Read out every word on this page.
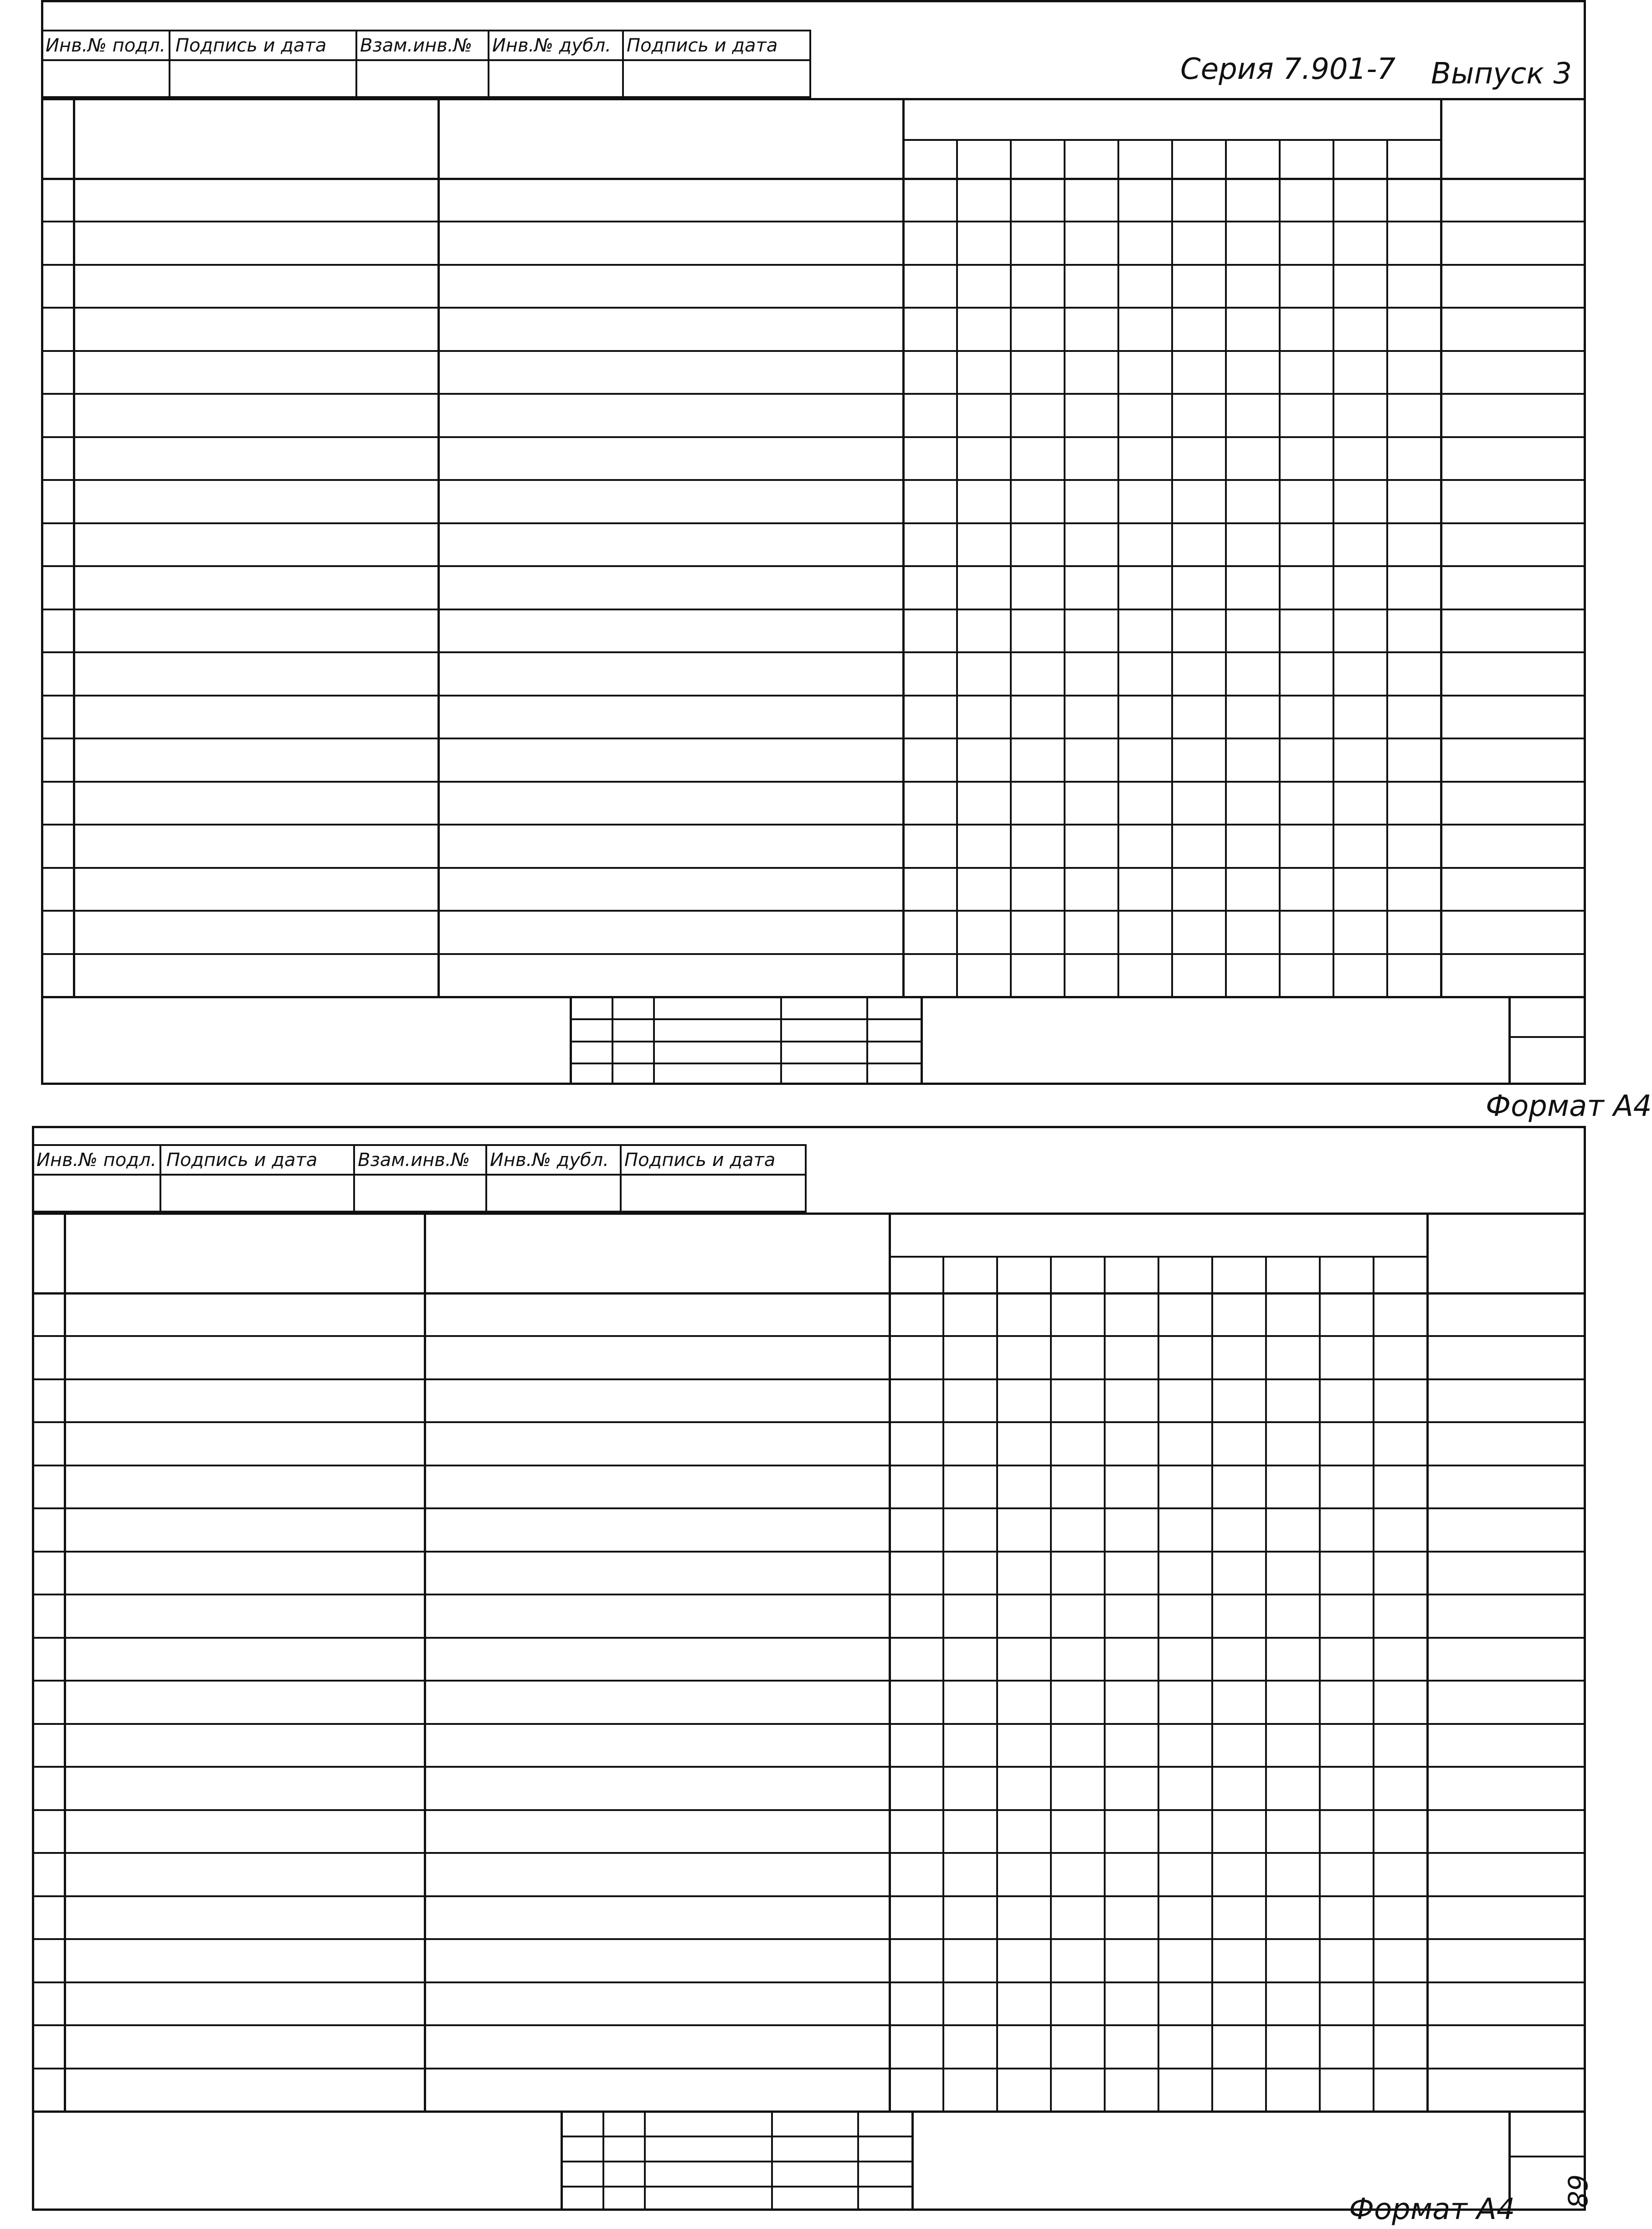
Инв.№ подл. Подпись и дата Взам.инв.№ Инв.№ дубл. Подпись и дата
Серия 7.901-7 Выпуск 3
Формат А4
Инв.№ подл. Подпись и дата Взам.инв.№ Инв.№ дубл. Подпись и дата
Формат А4
68
